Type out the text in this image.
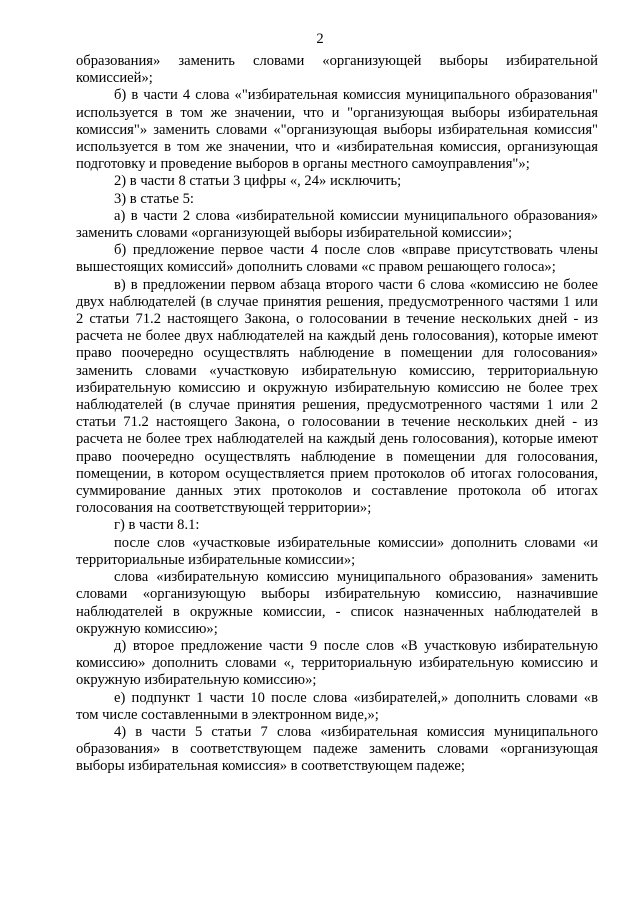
2

образования» заменить словами «организующей выборы избирательной комиссией»;

б) в части 4 слова «"избирательная комиссия муниципального образования" используется в том же значении, что и "организующая выборы избирательная комиссия"» заменить словами «"организующая выборы избирательная комиссия" используется в том же значении, что и «избирательная комиссия, организующая подготовку и проведение выборов в органы местного самоуправления"»;

2) в части 8 статьи 3 цифры «, 24» исключить;

3) в статье 5:

а) в части 2 слова «избирательной комиссии муниципального образования» заменить словами «организующей выборы избирательной комиссии»;

б) предложение первое части 4 после слов «вправе присутствовать члены вышестоящих комиссий» дополнить словами «с правом решающего голоса»;

в) в предложении первом абзаца второго части 6 слова «комиссию не более двух наблюдателей (в случае принятия решения, предусмотренного частями 1 или 2 статьи 71.2 настоящего Закона, о голосовании в течение нескольких дней - из расчета не более двух наблюдателей на каждый день голосования), которые имеют право поочередно осуществлять наблюдение в помещении для голосования» заменить словами «участковую избирательную комиссию, территориальную избирательную комиссию и окружную избирательную комиссию не более трех наблюдателей (в случае принятия решения, предусмотренного частями 1 или 2 статьи 71.2 настоящего Закона, о голосовании в течение нескольких дней - из расчета не более трех наблюдателей на каждый день голосования), которые имеют право поочередно осуществлять наблюдение в помещении для голосования, помещении, в котором осуществляется прием протоколов об итогах голосования, суммирование данных этих протоколов и составление протокола об итогах голосования на соответствующей территории»;

г) в части 8.1:

после слов «участковые избирательные комиссии» дополнить словами «и территориальные избирательные комиссии»;

слова «избирательную комиссию муниципального образования» заменить словами «организующую выборы избирательную комиссию, назначившие наблюдателей в окружные комиссии, - список назначенных наблюдателей в окружную комиссию»;

д) второе предложение части 9 после слов «В участковую избирательную комиссию» дополнить словами «, территориальную избирательную комиссию и окружную избирательную комиссию»;

е) подпункт 1 части 10 после слова «избирателей,» дополнить словами «в том числе составленными в электронном виде,»;

4) в части 5 статьи 7 слова «избирательная комиссия муниципального образования» в соответствующем падеже заменить словами «организующая выборы избирательная комиссия» в соответствующем падеже;
